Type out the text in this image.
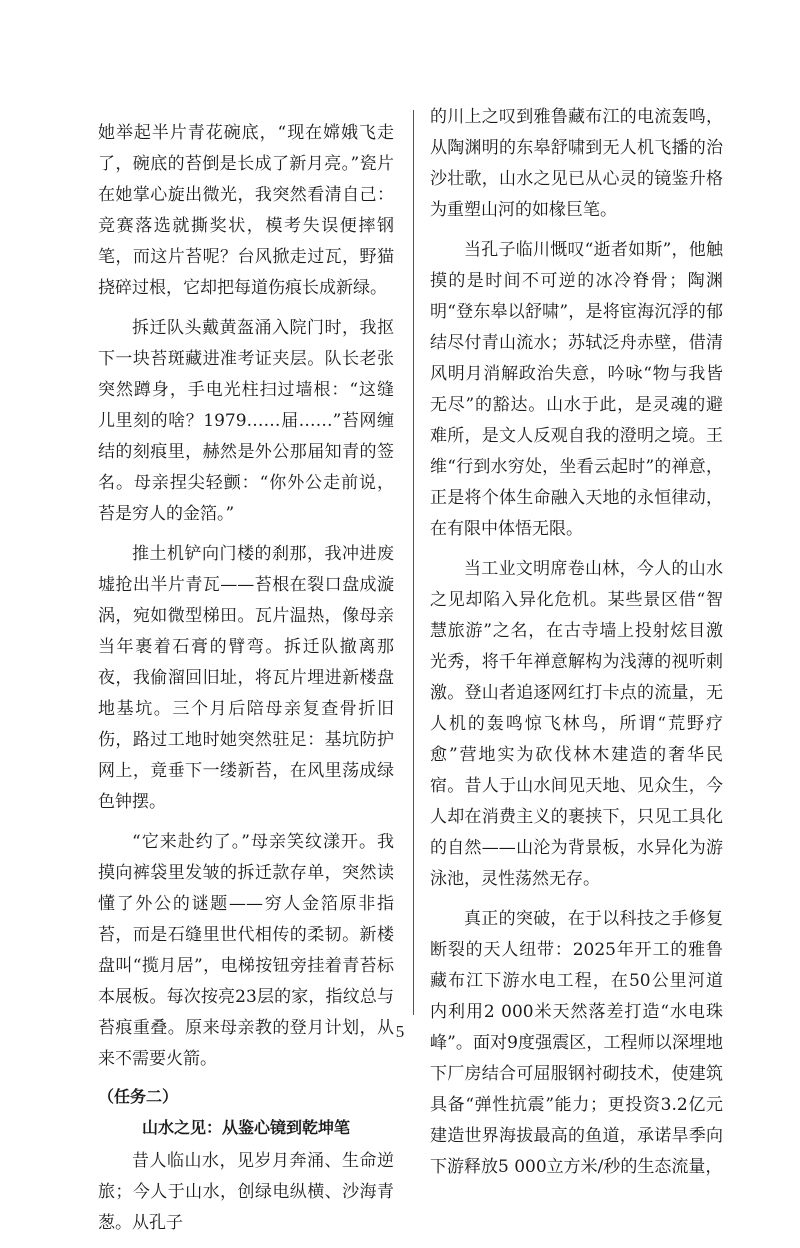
她举起半片青花碗底，“现在嫦娥飞走了，碗底的苔倒是长成了新月亮。”瓷片在她掌心旋出微光，我突然看清自己：竞赛落选就撕奖状，模考失误便摔钢笔，而这片苔呢？台风掀走过瓦，野猫挠碎过根，它却把每道伤痕长成新绿。

拆迁队头戴黄盔涌入院门时，我抠下一块苔斑藏进准考证夹层。队长老张突然蹲身，手电光柱扫过墙根：“这缝儿里刻的啥？1979……届……”苔网缠结的刻痕里，赫然是外公那届知青的签名。母亲捏尖轻颤：“你外公走前说，苔是穷人的金箔。”

推土机铲向门楼的刹那，我冲进废墟抢出半片青瓦——苔根在裂口盘成漩涡，宛如微型梯田。瓦片温热，像母亲当年裹着石膏的臂弯。拆迁队撤离那夜，我偷溜回旧址，将瓦片埋进新楼盘地基坑。三个月后陪母亲复查骨折旧伤，路过工地时她突然驻足：基坑防护网上，竟垂下一缕新苔，在风里荡成绿色钟摆。

“它来赴约了。”母亲笑纹漾开。我摸向裤袋里发皱的拆迁款存单，突然读懂了外公的谜题——穷人金箔原非指苔，而是石缝里世代相传的柔韧。新楼盘叫“揽月居”，电梯按钮旁挂着青苔标本展板。每次按亮23层的家，指纹总与苔痕重叠。原来母亲教的登月计划，从来不需要火箭。

（任务二）
山水之见：从鉴心镜到乾坤笔

昔人临山水，见岁月奔涌、生命逆旅；今人于山水，创绿电纵横、沙海青葱。从孔子

的川上之叹到雅鲁藏布江的电流轰鸣，从陶渊明的东皋舒啸到无人机飞播的治沙壮歌，山水之见已从心灵的镜鉴升格为重塑山河的如椽巨笔。

当孔子临川慨叹“逝者如斯”，他触摸的是时间不可逆的冰冷脊骨；陶渊明“登东皋以舒啸”，是将宦海沉浮的郁结尽付青山流水；苏轼泛舟赤壁，借清风明月消解政治失意，吟咏“物与我皆无尽”的豁达。山水于此，是灵魂的避难所，是文人反观自我的澄明之境。王维“行到水穷处，坐看云起时”的禅意，正是将个体生命融入天地的永恒律动，在有限中体悟无限。

当工业文明席卷山林，今人的山水之见却陷入异化危机。某些景区借“智慧旅游”之名，在古寺墙上投射炫目激光秀，将千年禅意解构为浅薄的视听刺激。登山者追逐网红打卡点的流量，无人机的轰鸣惊飞林鸟，所谓“荒野疗愈”营地实为砍伐林木建造的奢华民宿。昔人于山水间见天地、见众生，今人却在消费主义的裹挟下，只见工具化的自然——山沦为背景板，水异化为游泳池，灵性荡然无存。

真正的突破，在于以科技之手修复断裂的天人纽带：2025年开工的雅鲁藏布江下游水电工程，在50公里河道内利用2 000米天然落差打造“水电珠峰”。面对9度强震区，工程师以深埋地下厂房结合可屈服钢衬砌技术，使建筑具备“弹性抗震”能力；更投资3.2亿元建造世界海拔最高的鱼道，承诺旱季向下游释放5 000立方米/秒的生态流量，

5
